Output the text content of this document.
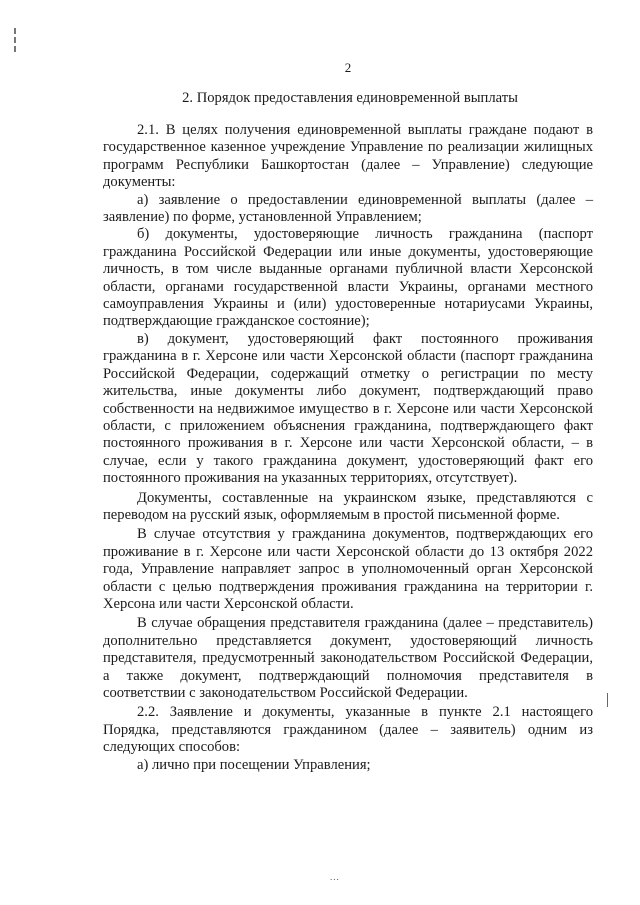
2
2. Порядок предоставления единовременной выплаты

2.1. В целях получения единовременной выплаты граждане подают в государственное казенное учреждение Управление по реализации жилищных программ Республики Башкортостан (далее – Управление) следующие документы:

а) заявление о предоставлении единовременной выплаты (далее – заявление) по форме, установленной Управлением;

б) документы, удостоверяющие личность гражданина (паспорт гражданина Российской Федерации или иные документы, удостоверяющие личность, в том числе выданные органами публичной власти Херсонской области, органами государственной власти Украины, органами местного самоуправления Украины и (или) удостоверенные нотариусами Украины, подтверждающие гражданское состояние);

в) документ, удостоверяющий факт постоянного проживания гражданина в г. Херсоне или части Херсонской области (паспорт гражданина Российской Федерации, содержащий отметку о регистрации по месту жительства, иные документы либо документ, подтверждающий право собственности на недвижимое имущество в г. Херсоне или части Херсонской области, с приложением объяснения гражданина, подтверждающего факт постоянного проживания в г. Херсоне или части Херсонской области, – в случае, если у такого гражданина документ, удостоверяющий факт его постоянного проживания на указанных территориях, отсутствует).

Документы, составленные на украинском языке, представляются с переводом на русский язык, оформляемым в простой письменной форме.

В случае отсутствия у гражданина документов, подтверждающих его проживание в г. Херсоне или части Херсонской области до 13 октября 2022 года, Управление направляет запрос в уполномоченный орган Херсонской области с целью подтверждения проживания гражданина на территории г. Херсона или части Херсонской области.

В случае обращения представителя гражданина (далее – представитель) дополнительно представляется документ, удостоверяющий личность представителя, предусмотренный законодательством Российской Федерации, а также документ, подтверждающий полномочия представителя в соответствии с законодательством Российской Федерации.

2.2. Заявление и документы, указанные в пункте 2.1 настоящего Порядка, представляются гражданином (далее – заявитель) одним из следующих способов:

а) лично при посещении Управления;

...
